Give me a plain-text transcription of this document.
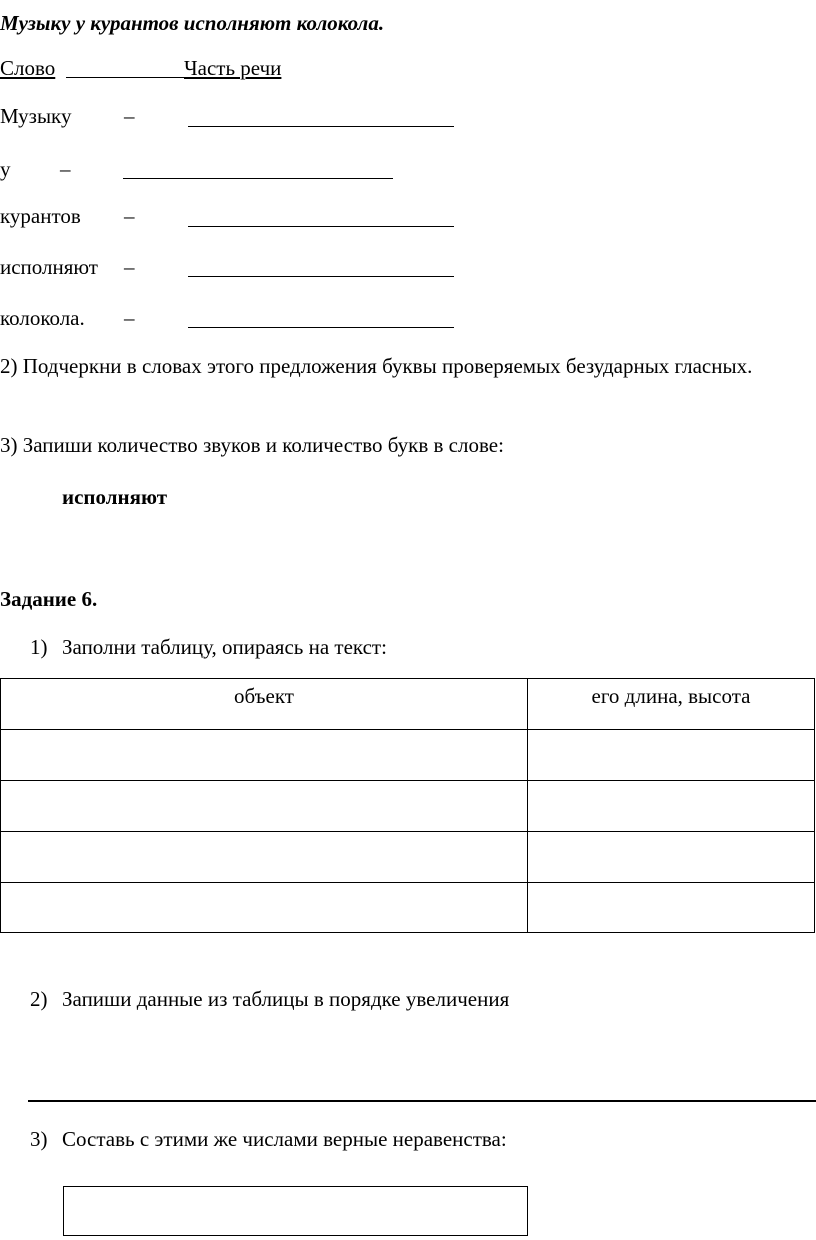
Музыку у курантов исполняют колокола.
Слово	Часть речи
Музыку	–
у –
курантов –
исполняют –
колокола. –
2) Подчеркни в словах этого предложения буквы проверяемых безударных гласных.
3) Запиши количество звуков и количество букв в слове:
исполняют
Задание 6.
1) Заполни таблицу, опираясь на текст:
объект	его длина, высота

2) Запиши данные из таблицы в порядке увеличения
3) Составь с этими же числами верные неравенства:
